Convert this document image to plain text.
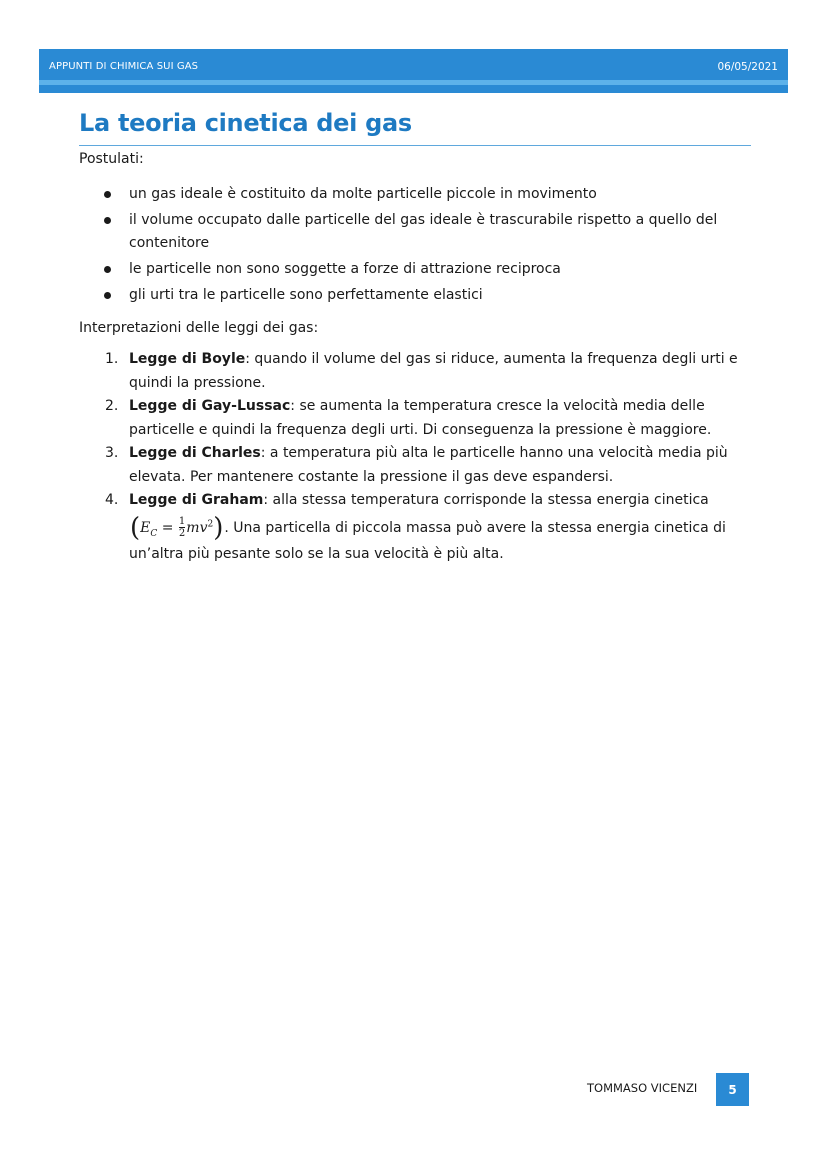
APPUNTI DI CHIMICA SUI GAS	06/05/2021
La teoria cinetica dei gas
Postulati:
un gas ideale è costituito da molte particelle piccole in movimento
il volume occupato dalle particelle del gas ideale è trascurabile rispetto a quello del contenitore
le particelle non sono soggette a forze di attrazione reciproca
gli urti tra le particelle sono perfettamente elastici
Interpretazioni delle leggi dei gas:
1. Legge di Boyle: quando il volume del gas si riduce, aumenta la frequenza degli urti e quindi la pressione.
2. Legge di Gay-Lussac: se aumenta la temperatura cresce la velocità media delle particelle e quindi la frequenza degli urti. Di conseguenza la pressione è maggiore.
3. Legge di Charles: a temperatura più alta le particelle hanno una velocità media più elevata. Per mantenere costante la pressione il gas deve espandersi.
4. Legge di Graham: alla stessa temperatura corrisponde la stessa energia cinetica $(E_C = \frac{1}{2} mv^2)$. Una particella di piccola massa può avere la stessa energia cinetica di un’altra più pesante solo se la sua velocità è più alta.
TOMMASO VICENZI	5
